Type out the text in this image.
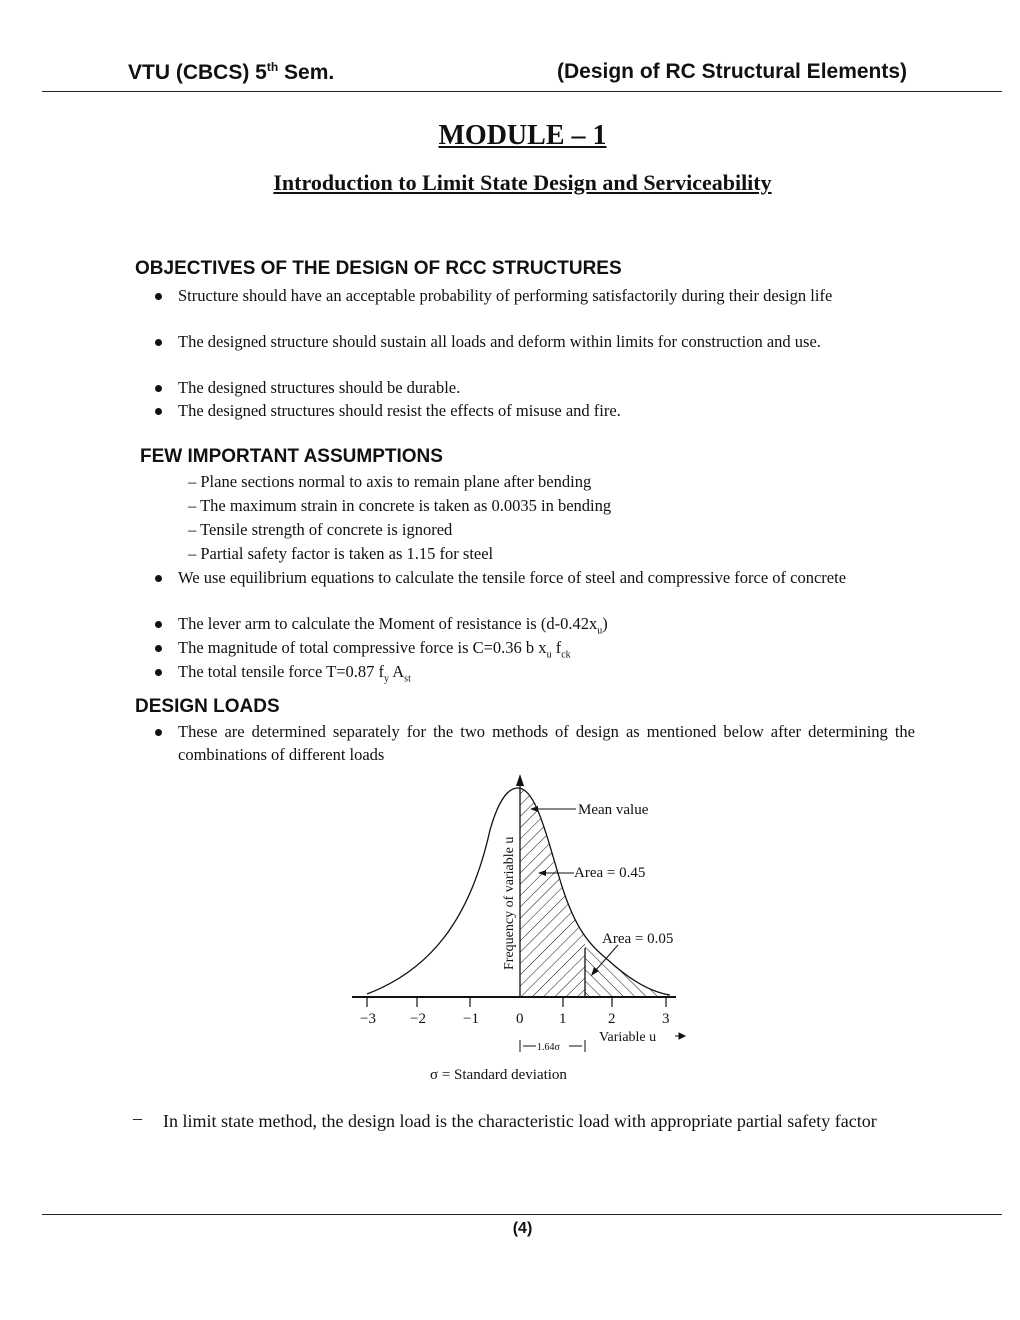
VTU (CBCS) 5th Sem.	(Design of RC Structural Elements)
MODULE – 1
Introduction to Limit State Design and Serviceability
OBJECTIVES OF THE DESIGN OF RCC STRUCTURES
Structure should have an acceptable probability of performing satisfactorily during their design life
The designed structure should sustain all loads and deform within limits for construction and use.
The designed structures should be durable.
The designed structures should resist the effects of misuse and fire.
FEW IMPORTANT ASSUMPTIONS
– Plane sections normal to axis to remain plane after bending
– The maximum strain in concrete is taken as 0.0035 in bending
– Tensile strength of concrete is ignored
– Partial safety factor is taken as 1.15 for steel
We use equilibrium equations to calculate the tensile force of steel and compressive force of concrete
The lever arm to calculate the Moment of resistance is $(d-0.42x_u)$
The magnitude of total compressive force is C=0.36 b $x_u$ $f_{ck}$
The total tensile force T=0.87 $f_y$ $A_{st}$
DESIGN LOADS
These are determined separately for the two methods of design as mentioned below after determining the combinations of different loads
−3 −2 −1 0 1	2	3
Mean value
Area = 0.45
Area = 0.05
Frequency of variable u
Variable u
1.64σ
σ = Standard deviation
– In limit state method, the design load is the characteristic load with appropriate partial safety factor
(4)
